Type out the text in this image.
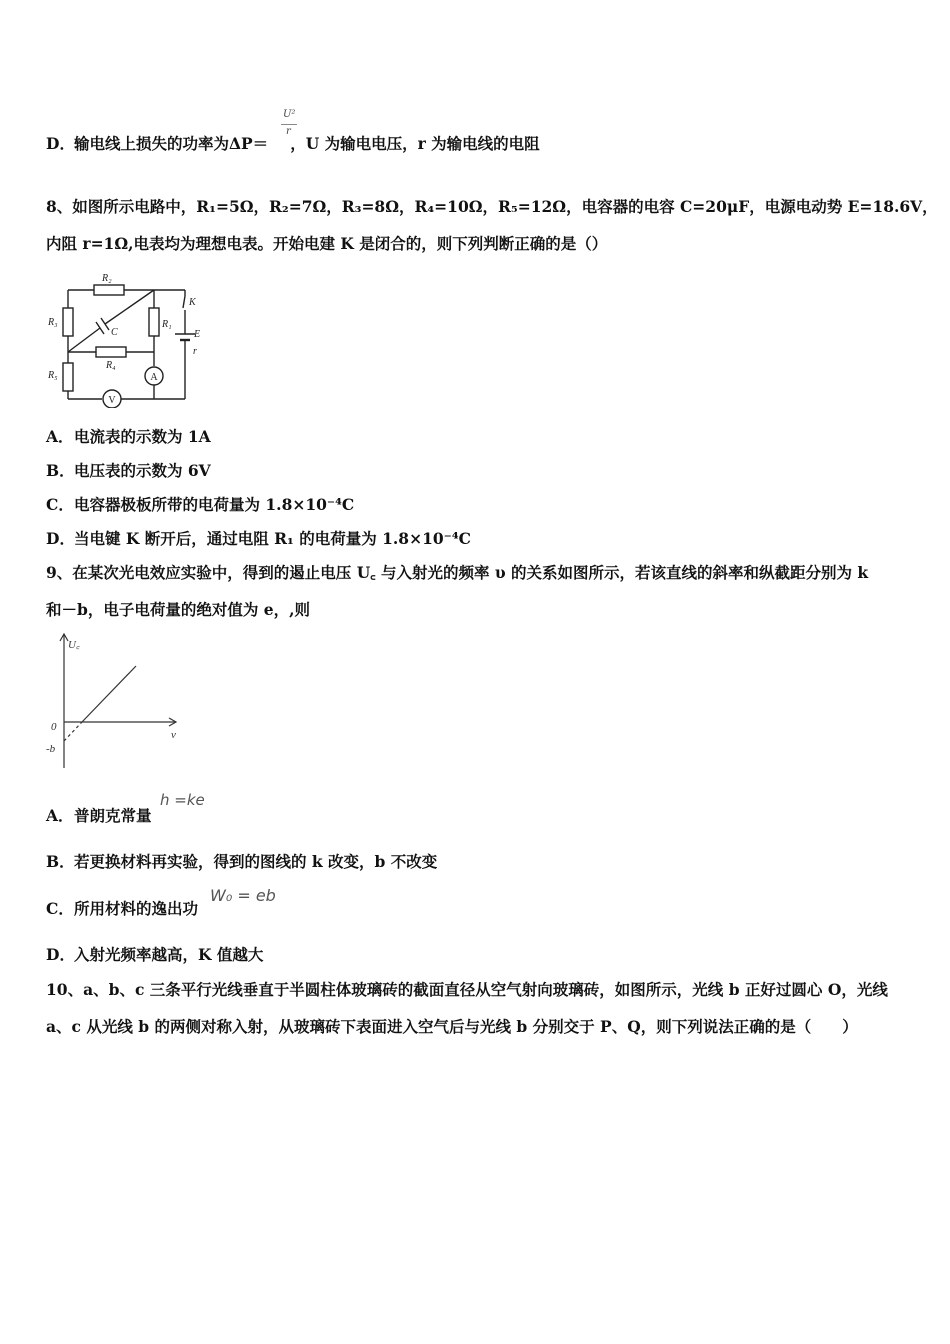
D．输电线上损失的功率为ΔP＝ ，U 为输电电压，r 为输电线的电阻
U²
r
8、如图所示电路中，R₁=5Ω，R₂=7Ω，R₃=8Ω，R₄=10Ω，R₅=12Ω，电容器的电容 C=20μF，电源电动势 E=18.6V，
内阻 r=1Ω,电表均为理想电表。开始电建 K 是闭合的，则下列判断正确的是（）
R₂
R₃
R₅
R₄
R₁
C
K
E
r
A
V
A．电流表的示数为 1A
B．电压表的示数为 6V
C．电容器极板所带的电荷量为 1.8×10⁻⁴C
D．当电键 K 断开后，通过电阻 R₁ 的电荷量为 1.8×10⁻⁴C
9、在某次光电效应实验中，得到的遏止电压 U꜀ 与入射光的频率 υ 的关系如图所示，若该直线的斜率和纵截距分别为 k
和－b，电子电荷量的绝对值为 e，,则
U꜀
ν
0
-b
A．普朗克常量
h =ke
B．若更换材料再实验，得到的图线的 k 改变，b 不改变
C．所用材料的逸出功
W₀ = eb
D．入射光频率越高，K 值越大
10、a、b、c 三条平行光线垂直于半圆柱体玻璃砖的截面直径从空气射向玻璃砖，如图所示，光线 b 正好过圆心 O，光线
a、c 从光线 b 的两侧对称入射，从玻璃砖下表面进入空气后与光线 b 分别交于 P、Q，则下列说法正确的是（　　）
